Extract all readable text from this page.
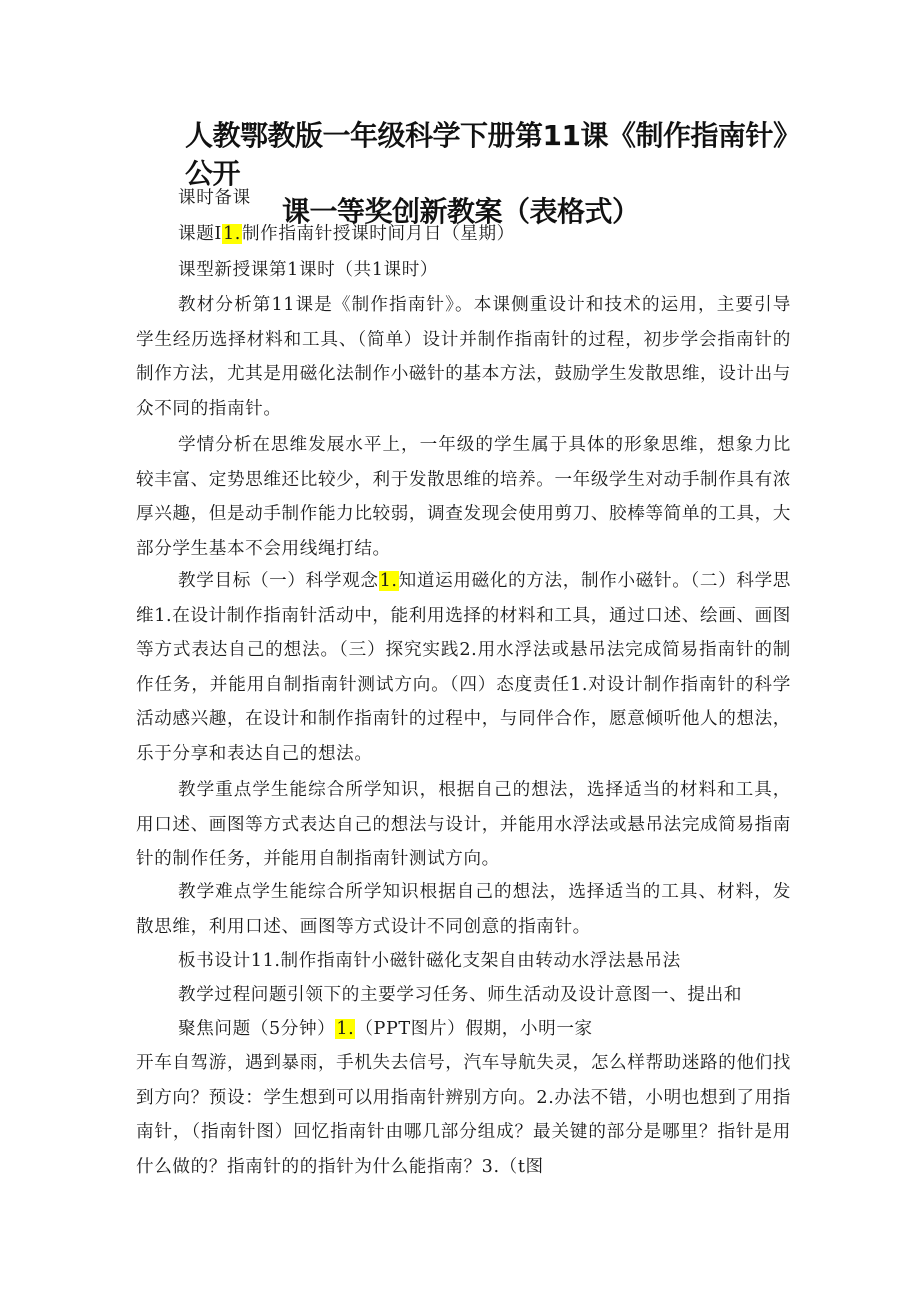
人教鄂教版一年级科学下册第11课《制作指南针》公开
课一等奖创新教案（表格式）

课时备课

课题I1.制作指南针授课时间月日（星期）

课型新授课第1课时（共1课时）

教材分析第11课是《制作指南针》。本课侧重设计和技术的运用，主要引导学生经历选择材料和工具、（简单）设计并制作指南针的过程，初步学会指南针的制作方法，尤其是用磁化法制作小磁针的基本方法，鼓励学生发散思维，设计出与众不同的指南针。

学情分析在思维发展水平上，一年级的学生属于具体的形象思维，想象力比较丰富、定势思维还比较少，利于发散思维的培养。一年级学生对动手制作具有浓厚兴趣，但是动手制作能力比较弱，调查发现会使用剪刀、胶棒等简单的工具，大部分学生基本不会用线绳打结。

教学目标（一）科学观念1.知道运用磁化的方法，制作小磁针。（二）科学思维1.在设计制作指南针活动中，能利用选择的材料和工具，通过口述、绘画、画图等方式表达自己的想法。（三）探究实践2.用水浮法或悬吊法完成简易指南针的制作任务，并能用自制指南针测试方向。（四）态度责任1.对设计制作指南针的科学活动感兴趣，在设计和制作指南针的过程中，与同伴合作，愿意倾听他人的想法，乐于分享和表达自己的想法。

教学重点学生能综合所学知识，根据自己的想法，选择适当的材料和工具，用口述、画图等方式表达自己的想法与设计，并能用水浮法或悬吊法完成简易指南针的制作任务，并能用自制指南针测试方向。

教学难点学生能综合所学知识根据自己的想法，选择适当的工具、材料，发散思维，利用口述、画图等方式设计不同创意的指南针。

板书设计11.制作指南针小磁针磁化支架自由转动水浮法悬吊法

教学过程问题引领下的主要学习任务、师生活动及设计意图一、提出和

聚焦问题（5分钟）1.（PPT图片）假期，小明一家

开车自驾游，遇到暴雨，手机失去信号，汽车导航失灵，怎么样帮助迷路的他们找到方向？预设：学生想到可以用指南针辨别方向。2.办法不错，小明也想到了用指南针，（指南针图）回忆指南针由哪几部分组成？最关键的部分是哪里？指针是用什么做的？指南针的的指针为什么能指南？3.（t图
